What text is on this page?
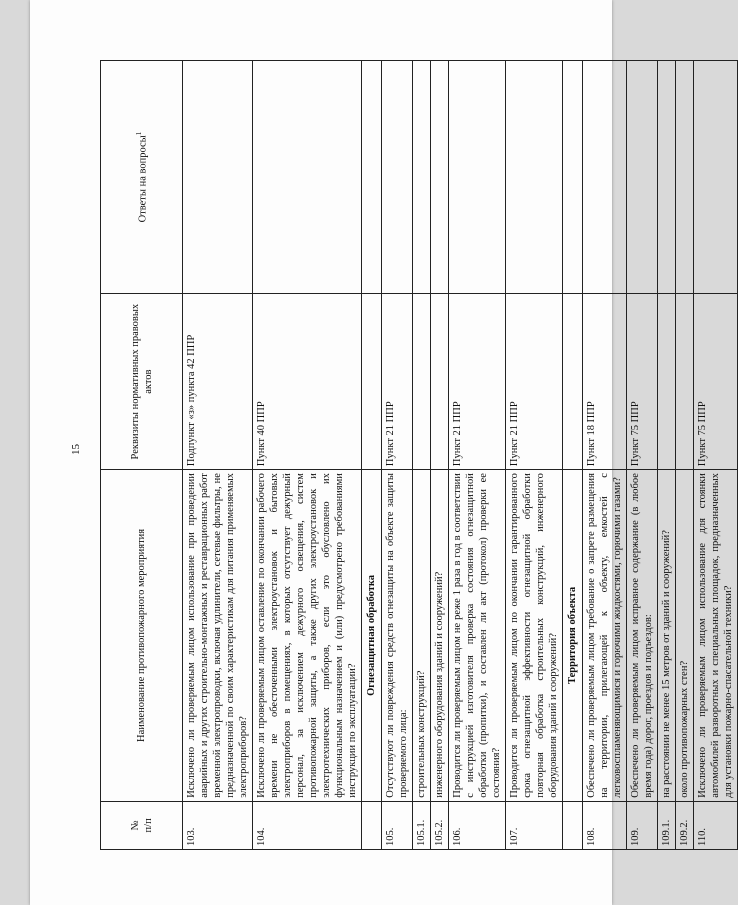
15
№
п/п	Наименование противопожарного мероприятия	Реквизиты нормативных правовых актов	Ответы на вопросы$^1$
103.	Исключено ли проверяемым лицом использование при проведении аварийных и других строительно-монтажных и реставрационных работ временной электропроводки, включая удлинители, сетевые фильтры, не предназначенной по своим характеристикам для питания применяемых электроприборов?	Подпункт «з» пункта 42 ППР	
104.	Исключено ли проверяемым лицом оставление по окончании рабочего времени не обесточенными электроустановок и бытовых электроприборов в помещениях, в которых отсутствует дежурный персонал, за исключением дежурного освещения, систем противопожарной защиты, а также других электроустановок и электротехнических приборов, если это обусловлено их функциональным назначением и (или) предусмотрено требованиями инструкции по эксплуатации?	Пункт 40 ППР	
	Огнезащитная обработка		
105.	Отсутствуют ли повреждения средств огнезащиты на объекте защиты проверяемого лица:	Пункт 21 ППР	
105.1.	строительных конструкций?		
105.2.	инженерного оборудования зданий и сооружений?		
106.	Проводится ли проверяемым лицом не реже 1 раза в год в соответствии с инструкцией изготовителя проверка состояния огнезащитной обработки (пропитки), и составлен ли акт (протокол) проверки ее состояния?	Пункт 21 ППР	
107.	Проводится ли проверяемым лицом по окончании гарантированного срока огнезащитной эффективности огнезащитной обработки повторная обработка строительных конструкций, инженерного оборудования зданий и сооружений?	Пункт 21 ППР	
	Территория объекта		
108.	Обеспечено ли проверяемым лицом требование о запрете размещения на территории, прилегающей к объекту, емкостей с легковоспламеняющимися и горючими жидкостями, горючими газами?	Пункт 18 ППР	
109.	Обеспечено ли проверяемым лицом исправное содержание (в любое время года) дорог, проездов и подъездов:	Пункт 75 ППР	
109.1.	на расстоянии не менее 15 метров от зданий и сооружений?		
109.2.	около противопожарных стен?		
110.	Исключено ли проверяемым лицом использование для стоянки автомобилей разворотных и специальных площадок, предназначенных для установки пожарно-спасательной техники?	Пункт 75 ППР	
